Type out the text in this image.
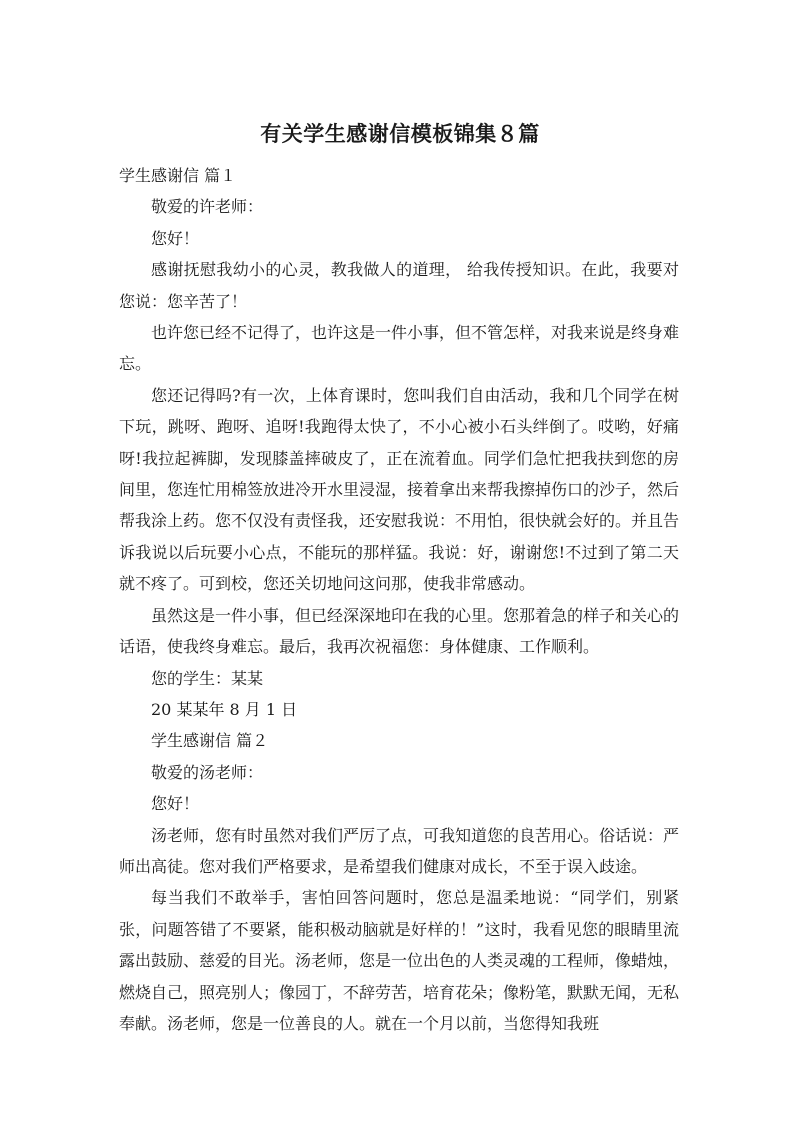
有关学生感谢信模板锦集８篇

学生感谢信 篇１

敬爱的许老师：

您好！

感谢抚慰我幼小的心灵，教我做人的道理， 给我传授知识。在此，我要对您说：您辛苦了！

也许您已经不记得了，也许这是一件小事，但不管怎样，对我来说是终身难忘。

您还记得吗?有一次，上体育课时，您叫我们自由活动，我和几个同学在树下玩，跳呀、跑呀、追呀!我跑得太快了，不小心被小石头绊倒了。哎哟，好痛呀!我拉起裤脚，发现膝盖摔破皮了，正在流着血。同学们急忙把我扶到您的房间里，您连忙用棉签放进冷开水里浸湿，接着拿出来帮我擦掉伤口的沙子，然后帮我涂上药。您不仅没有责怪我，还安慰我说：不用怕，很快就会好的。并且告诉我说以后玩要小心点，不能玩的那样猛。我说：好，谢谢您!不过到了第二天就不疼了。可到校，您还关切地问这问那，使我非常感动。

虽然这是一件小事，但已经深深地印在我的心里。您那着急的样子和关心的话语，使我终身难忘。最后，我再次祝福您：身体健康、工作顺利。

您的学生：某某

20 某某年 8 月 1 日

学生感谢信 篇２

敬爱的汤老师：

您好！

汤老师，您有时虽然对我们严厉了点，可我知道您的良苦用心。俗话说：严师出高徒。您对我们严格要求，是希望我们健康对成长，不至于误入歧途。

每当我们不敢举手，害怕回答问题时，您总是温柔地说：“同学们，别紧张，问题答错了不要紧，能积极动脑就是好样的！”这时，我看见您的眼睛里流露出鼓励、慈爱的目光。汤老师，您是一位出色的人类灵魂的工程师，像蜡烛，燃烧自己，照亮别人；像园丁，不辞劳苦，培育花朵；像粉笔，默默无闻，无私奉献。汤老师，您是一位善良的人。就在一个月以前，当您得知我班
